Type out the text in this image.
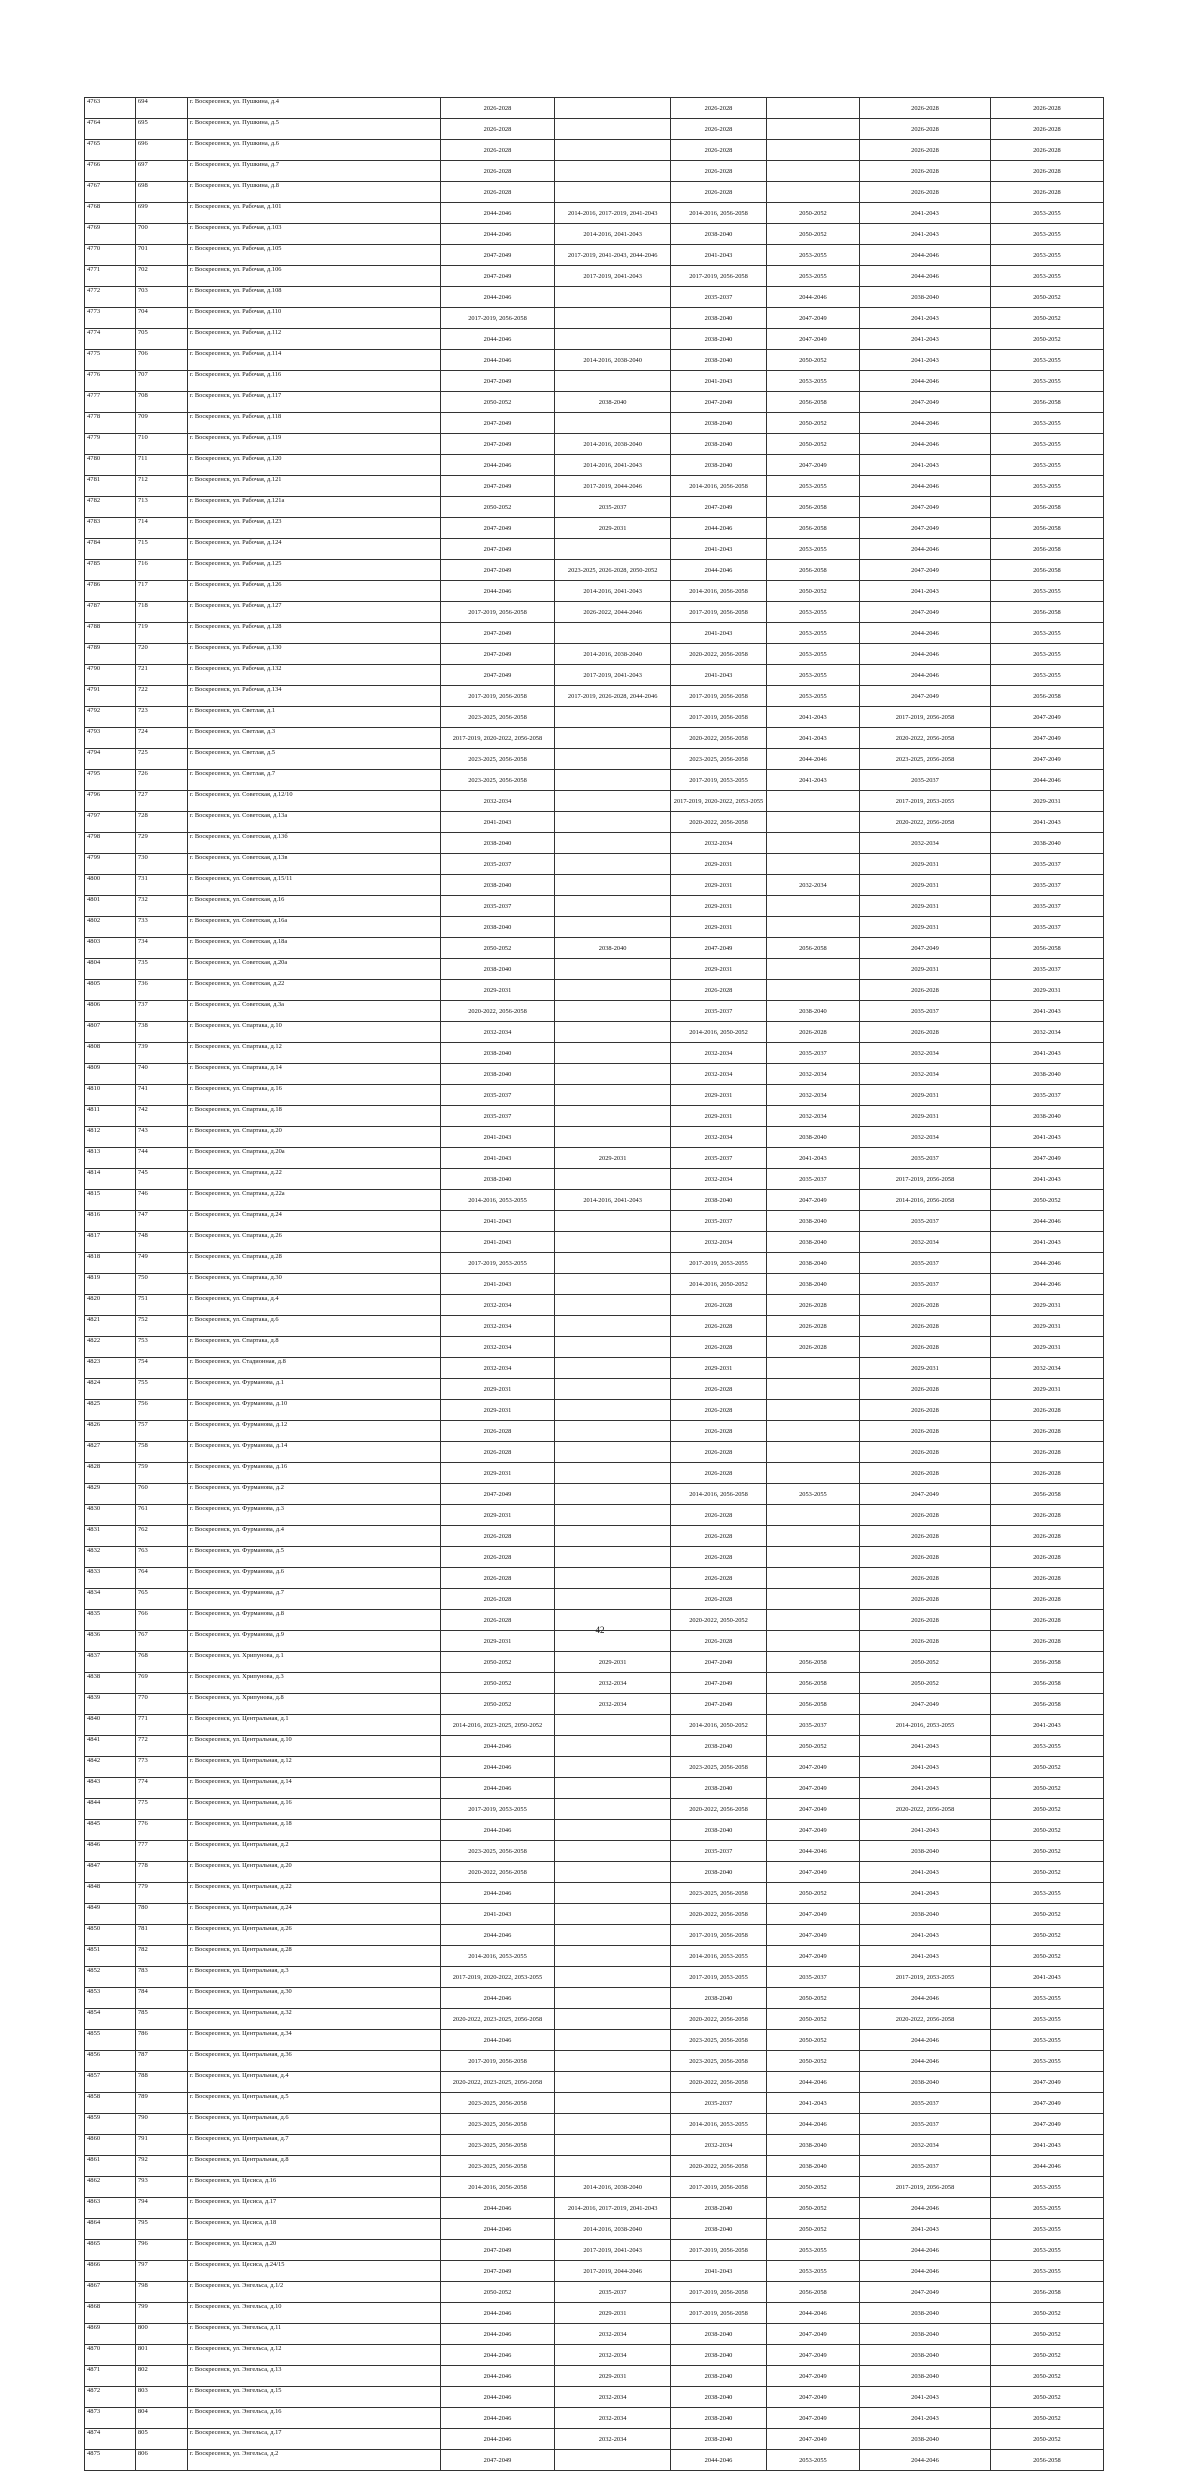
4763	694	г. Воскресенск, ул. Пушкина, д.4	2026-2028		2026-2028		2026-2028	2026-2028
4764	695	г. Воскресенск, ул. Пушкина, д.5	2026-2028		2026-2028		2026-2028	2026-2028
4765	696	г. Воскресенск, ул. Пушкина, д.6	2026-2028		2026-2028		2026-2028	2026-2028
4766	697	г. Воскресенск, ул. Пушкина, д.7	2026-2028		2026-2028		2026-2028	2026-2028
4767	698	г. Воскресенск, ул. Пушкина, д.8	2026-2028		2026-2028		2026-2028	2026-2028
4768	699	г. Воскресенск, ул. Рабочая, д.101	2044-2046	2014-2016, 2017-2019, 2041-2043	2014-2016, 2056-2058	2050-2052	2041-2043	2053-2055
4769	700	г. Воскресенск, ул. Рабочая, д.103	2044-2046	2014-2016, 2041-2043	2038-2040	2050-2052	2041-2043	2053-2055
4770	701	г. Воскресенск, ул. Рабочая, д.105	2047-2049	2017-2019, 2041-2043, 2044-2046	2041-2043	2053-2055	2044-2046	2053-2055
4771	702	г. Воскресенск, ул. Рабочая, д.106	2047-2049	2017-2019, 2041-2043	2017-2019, 2056-2058	2053-2055	2044-2046	2053-2055
4772	703	г. Воскресенск, ул. Рабочая, д.108	2044-2046		2035-2037	2044-2046	2038-2040	2050-2052
4773	704	г. Воскресенск, ул. Рабочая, д.110	2017-2019, 2056-2058		2038-2040	2047-2049	2041-2043	2050-2052
4774	705	г. Воскресенск, ул. Рабочая, д.112	2044-2046		2038-2040	2047-2049	2041-2043	2050-2052
4775	706	г. Воскресенск, ул. Рабочая, д.114	2044-2046	2014-2016, 2038-2040	2038-2040	2050-2052	2041-2043	2053-2055
4776	707	г. Воскресенск, ул. Рабочая, д.116	2047-2049		2041-2043	2053-2055	2044-2046	2053-2055
4777	708	г. Воскресенск, ул. Рабочая, д.117	2050-2052	2038-2040	2047-2049	2056-2058	2047-2049	2056-2058
4778	709	г. Воскресенск, ул. Рабочая, д.118	2047-2049		2038-2040	2050-2052	2044-2046	2053-2055
4779	710	г. Воскресенск, ул. Рабочая, д.119	2047-2049	2014-2016, 2038-2040	2038-2040	2050-2052	2044-2046	2053-2055
4780	711	г. Воскресенск, ул. Рабочая, д.120	2044-2046	2014-2016, 2041-2043	2038-2040	2047-2049	2041-2043	2053-2055
4781	712	г. Воскресенск, ул. Рабочая, д.121	2047-2049	2017-2019, 2044-2046	2014-2016, 2056-2058	2053-2055	2044-2046	2053-2055
4782	713	г. Воскресенск, ул. Рабочая, д.121а	2050-2052	2035-2037	2047-2049	2056-2058	2047-2049	2056-2058
4783	714	г. Воскресенск, ул. Рабочая, д.123	2047-2049	2029-2031	2044-2046	2056-2058	2047-2049	2056-2058
4784	715	г. Воскресенск, ул. Рабочая, д.124	2047-2049		2041-2043	2053-2055	2044-2046	2056-2058
4785	716	г. Воскресенск, ул. Рабочая, д.125	2047-2049	2023-2025, 2026-2028, 2050-2052	2044-2046	2056-2058	2047-2049	2056-2058
4786	717	г. Воскресенск, ул. Рабочая, д.126	2044-2046	2014-2016, 2041-2043	2014-2016, 2056-2058	2050-2052	2041-2043	2053-2055
4787	718	г. Воскресенск, ул. Рабочая, д.127	2017-2019, 2056-2058	2026-2022, 2044-2046	2017-2019, 2056-2058	2053-2055	2047-2049	2056-2058
4788	719	г. Воскресенск, ул. Рабочая, д.128	2047-2049		2041-2043	2053-2055	2044-2046	2053-2055
4789	720	г. Воскресенск, ул. Рабочая, д.130	2047-2049	2014-2016, 2038-2040	2020-2022, 2056-2058	2053-2055	2044-2046	2053-2055
4790	721	г. Воскресенск, ул. Рабочая, д.132	2047-2049	2017-2019, 2041-2043	2041-2043	2053-2055	2044-2046	2053-2055
4791	722	г. Воскресенск, ул. Рабочая, д.134	2017-2019, 2056-2058	2017-2019, 2026-2028, 2044-2046	2017-2019, 2056-2058	2053-2055	2047-2049	2056-2058
4792	723	г. Воскресенск, ул. Светлая, д.1	2023-2025, 2056-2058		2017-2019, 2056-2058	2041-2043	2017-2019, 2056-2058	2047-2049
4793	724	г. Воскресенск, ул. Светлая, д.3	2017-2019, 2020-2022, 2056-2058		2020-2022, 2056-2058	2041-2043	2020-2022, 2056-2058	2047-2049
4794	725	г. Воскресенск, ул. Светлая, д.5	2023-2025, 2056-2058		2023-2025, 2056-2058	2044-2046	2023-2025, 2056-2058	2047-2049
4795	726	г. Воскресенск, ул. Светлая, д.7	2023-2025, 2056-2058		2017-2019, 2053-2055	2041-2043	2035-2037	2044-2046
4796	727	г. Воскресенск, ул. Советская, д.12/10	2032-2034		2017-2019, 2020-2022, 2053-2055		2017-2019, 2053-2055	2029-2031
4797	728	г. Воскресенск, ул. Советская, д.13а	2041-2043		2020-2022, 2056-2058		2020-2022, 2056-2058	2041-2043
4798	729	г. Воскресенск, ул. Советская, д.13б	2038-2040		2032-2034		2032-2034	2038-2040
4799	730	г. Воскресенск, ул. Советская, д.13в	2035-2037		2029-2031		2029-2031	2035-2037
4800	731	г. Воскресенск, ул. Советская, д.15/11	2038-2040		2029-2031	2032-2034	2029-2031	2035-2037
4801	732	г. Воскресенск, ул. Советская, д.16	2035-2037		2029-2031		2029-2031	2035-2037
4802	733	г. Воскресенск, ул. Советская, д.16а	2038-2040		2029-2031		2029-2031	2035-2037
4803	734	г. Воскресенск, ул. Советская, д.18а	2050-2052	2038-2040	2047-2049	2056-2058	2047-2049	2056-2058
4804	735	г. Воскресенск, ул. Советская, д.20а	2038-2040		2029-2031		2029-2031	2035-2037
4805	736	г. Воскресенск, ул. Советская, д.22	2029-2031		2026-2028		2026-2028	2029-2031
4806	737	г. Воскресенск, ул. Советская, д.3а	2020-2022, 2056-2058		2035-2037	2038-2040	2035-2037	2041-2043
4807	738	г. Воскресенск, ул. Спартака, д.10	2032-2034		2014-2016, 2050-2052	2026-2028	2026-2028	2032-2034
4808	739	г. Воскресенск, ул. Спартака, д.12	2038-2040		2032-2034	2035-2037	2032-2034	2041-2043
4809	740	г. Воскресенск, ул. Спартака, д.14	2038-2040		2032-2034	2032-2034	2032-2034	2038-2040
4810	741	г. Воскресенск, ул. Спартака, д.16	2035-2037		2029-2031	2032-2034	2029-2031	2035-2037
4811	742	г. Воскресенск, ул. Спартака, д.18	2035-2037		2029-2031	2032-2034	2029-2031	2038-2040
4812	743	г. Воскресенск, ул. Спартака, д.20	2041-2043		2032-2034	2038-2040	2032-2034	2041-2043
4813	744	г. Воскресенск, ул. Спартака, д.20а	2041-2043	2029-2031	2035-2037	2041-2043	2035-2037	2047-2049
4814	745	г. Воскресенск, ул. Спартака, д.22	2038-2040		2032-2034	2035-2037	2017-2019, 2056-2058	2041-2043
4815	746	г. Воскресенск, ул. Спартака, д.22а	2014-2016, 2053-2055	2014-2016, 2041-2043	2038-2040	2047-2049	2014-2016, 2056-2058	2050-2052
4816	747	г. Воскресенск, ул. Спартака, д.24	2041-2043		2035-2037	2038-2040	2035-2037	2044-2046
4817	748	г. Воскресенск, ул. Спартака, д.26	2041-2043		2032-2034	2038-2040	2032-2034	2041-2043
4818	749	г. Воскресенск, ул. Спартака, д.28	2017-2019, 2053-2055		2017-2019, 2053-2055	2038-2040	2035-2037	2044-2046
4819	750	г. Воскресенск, ул. Спартака, д.30	2041-2043		2014-2016, 2050-2052	2038-2040	2035-2037	2044-2046
4820	751	г. Воскресенск, ул. Спартака, д.4	2032-2034		2026-2028	2026-2028	2026-2028	2029-2031
4821	752	г. Воскресенск, ул. Спартака, д.6	2032-2034		2026-2028	2026-2028	2026-2028	2029-2031
4822	753	г. Воскресенск, ул. Спартака, д.8	2032-2034		2026-2028	2026-2028	2026-2028	2029-2031
4823	754	г. Воскресенск, ул. Стадионная, д.8	2032-2034		2029-2031		2029-2031	2032-2034
4824	755	г. Воскресенск, ул. Фурманова, д.1	2029-2031		2026-2028		2026-2028	2029-2031
4825	756	г. Воскресенск, ул. Фурманова, д.10	2029-2031		2026-2028		2026-2028	2026-2028
4826	757	г. Воскресенск, ул. Фурманова, д.12	2026-2028		2026-2028		2026-2028	2026-2028
4827	758	г. Воскресенск, ул. Фурманова, д.14	2026-2028		2026-2028		2026-2028	2026-2028
4828	759	г. Воскресенск, ул. Фурманова, д.16	2029-2031		2026-2028		2026-2028	2026-2028
4829	760	г. Воскресенск, ул. Фурманова, д.2	2047-2049		2014-2016, 2056-2058	2053-2055	2047-2049	2056-2058
4830	761	г. Воскресенск, ул. Фурманова, д.3	2029-2031		2026-2028		2026-2028	2026-2028
4831	762	г. Воскресенск, ул. Фурманова, д.4	2026-2028		2026-2028		2026-2028	2026-2028
4832	763	г. Воскресенск, ул. Фурманова, д.5	2026-2028		2026-2028		2026-2028	2026-2028
4833	764	г. Воскресенск, ул. Фурманова, д.6	2026-2028		2026-2028		2026-2028	2026-2028
4834	765	г. Воскресенск, ул. Фурманова, д.7	2026-2028		2026-2028		2026-2028	2026-2028
4835	766	г. Воскресенск, ул. Фурманова, д.8	2026-2028		2020-2022, 2050-2052		2026-2028	2026-2028
4836	767	г. Воскресенск, ул. Фурманова, д.9	2029-2031		2026-2028		2026-2028	2026-2028
4837	768	г. Воскресенск, ул. Хрипунова, д.1	2050-2052	2029-2031	2047-2049	2056-2058	2050-2052	2056-2058
4838	769	г. Воскресенск, ул. Хрипунова, д.3	2050-2052	2032-2034	2047-2049	2056-2058	2050-2052	2056-2058
4839	770	г. Воскресенск, ул. Хрипунова, д.8	2050-2052	2032-2034	2047-2049	2056-2058	2047-2049	2056-2058
4840	771	г. Воскресенск, ул. Центральная, д.1	2014-2016, 2023-2025, 2050-2052		2014-2016, 2050-2052	2035-2037	2014-2016, 2053-2055	2041-2043
4841	772	г. Воскресенск, ул. Центральная, д.10	2044-2046		2038-2040	2050-2052	2041-2043	2053-2055
4842	773	г. Воскресенск, ул. Центральная, д.12	2044-2046		2023-2025, 2056-2058	2047-2049	2041-2043	2050-2052
4843	774	г. Воскресенск, ул. Центральная, д.14	2044-2046		2038-2040	2047-2049	2041-2043	2050-2052
4844	775	г. Воскресенск, ул. Центральная, д.16	2017-2019, 2053-2055		2020-2022, 2056-2058	2047-2049	2020-2022, 2056-2058	2050-2052
4845	776	г. Воскресенск, ул. Центральная, д.18	2044-2046		2038-2040	2047-2049	2041-2043	2050-2052
4846	777	г. Воскресенск, ул. Центральная, д.2	2023-2025, 2056-2058		2035-2037	2044-2046	2038-2040	2050-2052
4847	778	г. Воскресенск, ул. Центральная, д.20	2020-2022, 2056-2058		2038-2040	2047-2049	2041-2043	2050-2052
4848	779	г. Воскресенск, ул. Центральная, д.22	2044-2046		2023-2025, 2056-2058	2050-2052	2041-2043	2053-2055
4849	780	г. Воскресенск, ул. Центральная, д.24	2041-2043		2020-2022, 2056-2058	2047-2049	2038-2040	2050-2052
4850	781	г. Воскресенск, ул. Центральная, д.26	2044-2046		2017-2019, 2056-2058	2047-2049	2041-2043	2050-2052
4851	782	г. Воскресенск, ул. Центральная, д.28	2014-2016, 2053-2055		2014-2016, 2053-2055	2047-2049	2041-2043	2050-2052
4852	783	г. Воскресенск, ул. Центральная, д.3	2017-2019, 2020-2022, 2053-2055		2017-2019, 2053-2055	2035-2037	2017-2019, 2053-2055	2041-2043
4853	784	г. Воскресенск, ул. Центральная, д.30	2044-2046		2038-2040	2050-2052	2044-2046	2053-2055
4854	785	г. Воскресенск, ул. Центральная, д.32	2020-2022, 2023-2025, 2056-2058		2020-2022, 2056-2058	2050-2052	2020-2022, 2056-2058	2053-2055
4855	786	г. Воскресенск, ул. Центральная, д.34	2044-2046		2023-2025, 2056-2058	2050-2052	2044-2046	2053-2055
4856	787	г. Воскресенск, ул. Центральная, д.36	2017-2019, 2056-2058		2023-2025, 2056-2058	2050-2052	2044-2046	2053-2055
4857	788	г. Воскресенск, ул. Центральная, д.4	2020-2022, 2023-2025, 2056-2058		2020-2022, 2056-2058	2044-2046	2038-2040	2047-2049
4858	789	г. Воскресенск, ул. Центральная, д.5	2023-2025, 2056-2058		2035-2037	2041-2043	2035-2037	2047-2049
4859	790	г. Воскресенск, ул. Центральная, д.6	2023-2025, 2056-2058		2014-2016, 2053-2055	2044-2046	2035-2037	2047-2049
4860	791	г. Воскресенск, ул. Центральная, д.7	2023-2025, 2056-2058		2032-2034	2038-2040	2032-2034	2041-2043
4861	792	г. Воскресенск, ул. Центральная, д.8	2023-2025, 2056-2058		2020-2022, 2056-2058	2038-2040	2035-2037	2044-2046
4862	793	г. Воскресенск, ул. Цесиса, д.16	2014-2016, 2056-2058	2014-2016, 2038-2040	2017-2019, 2056-2058	2050-2052	2017-2019, 2056-2058	2053-2055
4863	794	г. Воскресенск, ул. Цесиса, д.17	2044-2046	2014-2016, 2017-2019, 2041-2043	2038-2040	2050-2052	2044-2046	2053-2055
4864	795	г. Воскресенск, ул. Цесиса, д.18	2044-2046	2014-2016, 2038-2040	2038-2040	2050-2052	2041-2043	2053-2055
4865	796	г. Воскресенск, ул. Цесиса, д.20	2047-2049	2017-2019, 2041-2043	2017-2019, 2056-2058	2053-2055	2044-2046	2053-2055
4866	797	г. Воскресенск, ул. Цесиса, д.24/15	2047-2049	2017-2019, 2044-2046	2041-2043	2053-2055	2044-2046	2053-2055
4867	798	г. Воскресенск, ул. Энгельса, д.1/2	2050-2052	2035-2037	2017-2019, 2056-2058	2056-2058	2047-2049	2056-2058
4868	799	г. Воскресенск, ул. Энгельса, д.10	2044-2046	2029-2031	2017-2019, 2056-2058	2044-2046	2038-2040	2050-2052
4869	800	г. Воскресенск, ул. Энгельса, д.11	2044-2046	2032-2034	2038-2040	2047-2049	2038-2040	2050-2052
4870	801	г. Воскресенск, ул. Энгельса, д.12	2044-2046	2032-2034	2038-2040	2047-2049	2038-2040	2050-2052
4871	802	г. Воскресенск, ул. Энгельса, д.13	2044-2046	2029-2031	2038-2040	2047-2049	2038-2040	2050-2052
4872	803	г. Воскресенск, ул. Энгельса, д.15	2044-2046	2032-2034	2038-2040	2047-2049	2041-2043	2050-2052
4873	804	г. Воскресенск, ул. Энгельса, д.16	2044-2046	2032-2034	2038-2040	2047-2049	2041-2043	2050-2052
4874	805	г. Воскресенск, ул. Энгельса, д.17	2044-2046	2032-2034	2038-2040	2047-2049	2038-2040	2050-2052
4875	806	г. Воскресенск, ул. Энгельса, д.2	2047-2049		2044-2046	2053-2055	2044-2046	2056-2058
42
